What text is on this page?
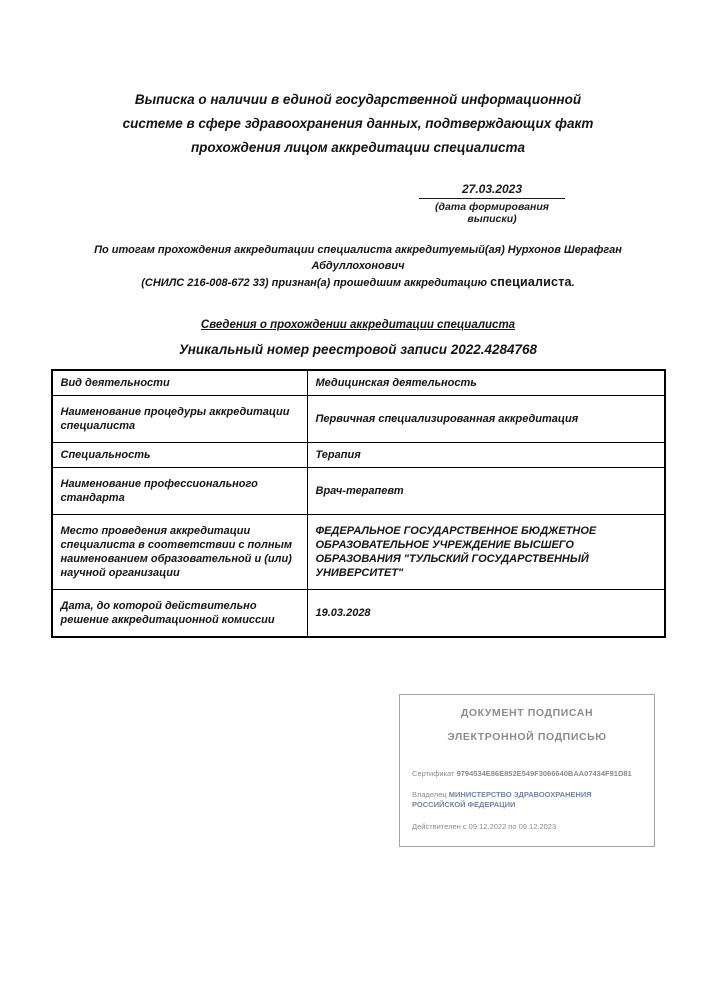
Выписка о наличии в единой государственной информационной
системе в сфере здравоохранения данных, подтверждающих факт
прохождения лицом аккредитации специалиста
27.03.2023
(дата формирования выписки)

По итогам прохождения аккредитации специалиста аккредитуемый(ая) Нурхонов Шерафган Абдуллохонович
(СНИЛС 216-008-672 33) признан(а) прошедшим аккредитацию специалиста.

Сведения о прохождении аккредитации специалиста
Уникальный номер реестровой записи 2022.4284768
Вид деятельности	Медицинская деятельность
Наименование процедуры аккредитации специалиста	Первичная специализированная аккредитация
Специальность	Терапия
Наименование профессионального стандарта	Врач-терапевт
Место проведения аккредитации специалиста в соответствии с полным наименованием образовательной и (или) научной организации	ФЕДЕРАЛЬНОЕ ГОСУДАРСТВЕННОЕ БЮДЖЕТНОЕ ОБРАЗОВАТЕЛЬНОЕ УЧРЕЖДЕНИЕ ВЫСШЕГО ОБРАЗОВАНИЯ "ТУЛЬСКИЙ ГОСУДАРСТВЕННЫЙ УНИВЕРСИТЕТ"
Дата, до которой действительно решение аккредитационной комиссии	19.03.2028
ДОКУМЕНТ ПОДПИСАН
ЭЛЕКТРОННОЙ ПОДПИСЬЮ
Сертификат 9794534E86E852E549F3066640BAA07434F91D81
Владелец МИНИСТЕРСТВО ЗДРАВООХРАНЕНИЯ РОССИЙСКОЙ ФЕДЕРАЦИИ
Действителен с 09.12.2022 по 09.12.2023
